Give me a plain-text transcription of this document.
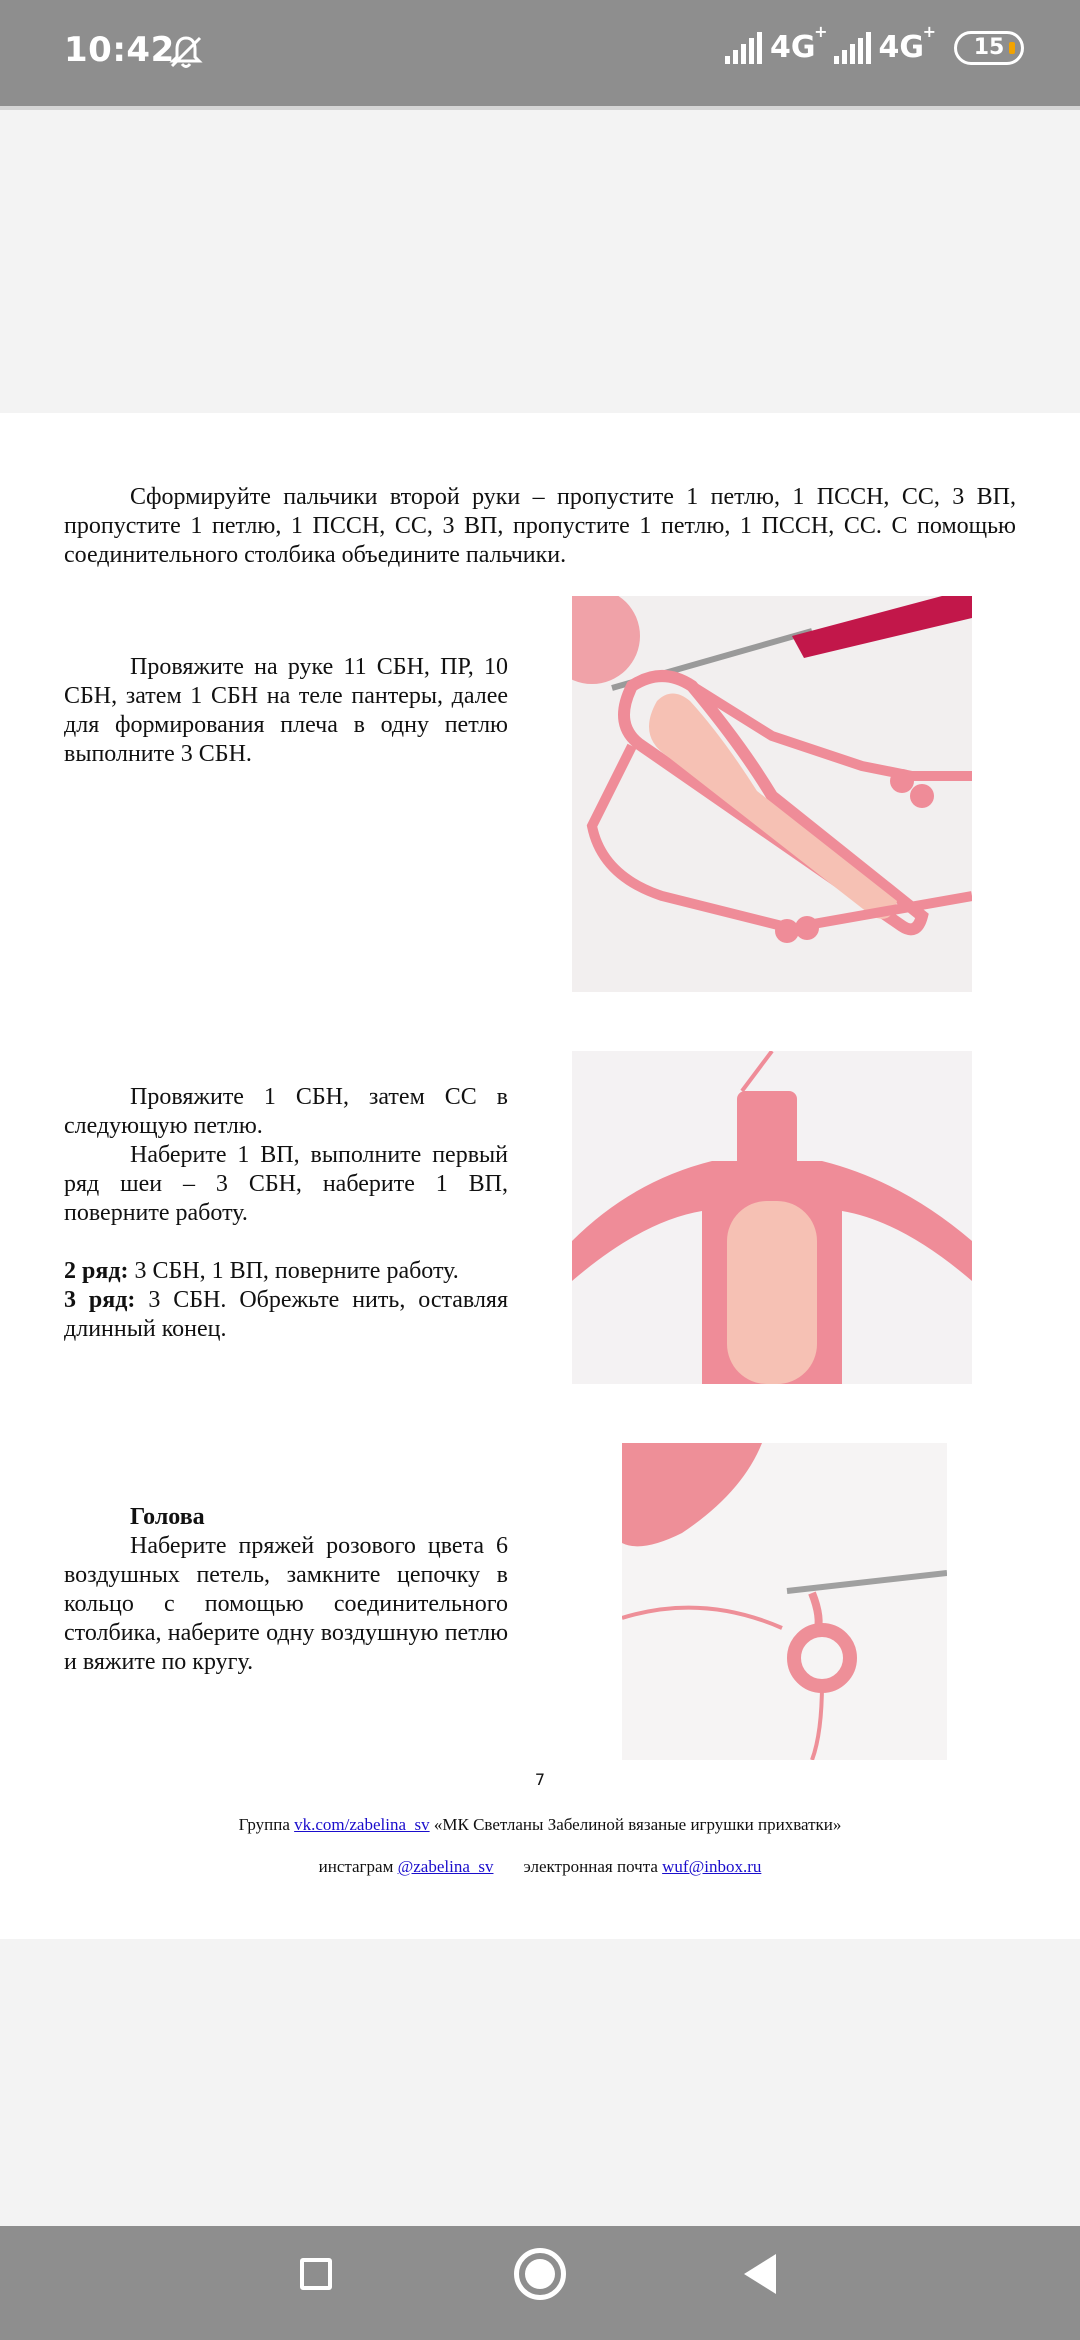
10:42	4G
+ 4G
+
15
Сформируйте пальчики второй руки – пропустите 1 петлю, 1 ПССН, СС, 3 ВП, пропустите 1 петлю, 1 ПССН, СС, 3 ВП, пропустите 1 петлю, 1 ПССН, СС. С помощью соединительного столбика объедините пальчики.
Провяжите на руке 11 СБН, ПР, 10 СБН, затем 1 СБН на теле пантеры, далее для формирования плеча в одну петлю выполните 3 СБН.
Провяжите 1 СБН, затем СС в следующую петлю.
Наберите 1 ВП, выполните первый ряд шеи – 3 СБН, наберите 1 ВП, поверните работу.
2 ряд: 3 СБН, 1 ВП, поверните работу.
3 ряд: 3 СБН. Обрежьте нить, оставляя длинный конец.
Голова
Наберите пряжей розового цвета 6 воздушных петель, замкните цепочку в кольцо с помощью соединительного столбика, наберите одну воздушную петлю и вяжите по кругу.
7
Группа vk.com/zabelina_sv «МК Светланы Забелиной вязаные игрушки прихватки»
инстаграм @zabelina_sv электронная почта wuf@inbox.ru
